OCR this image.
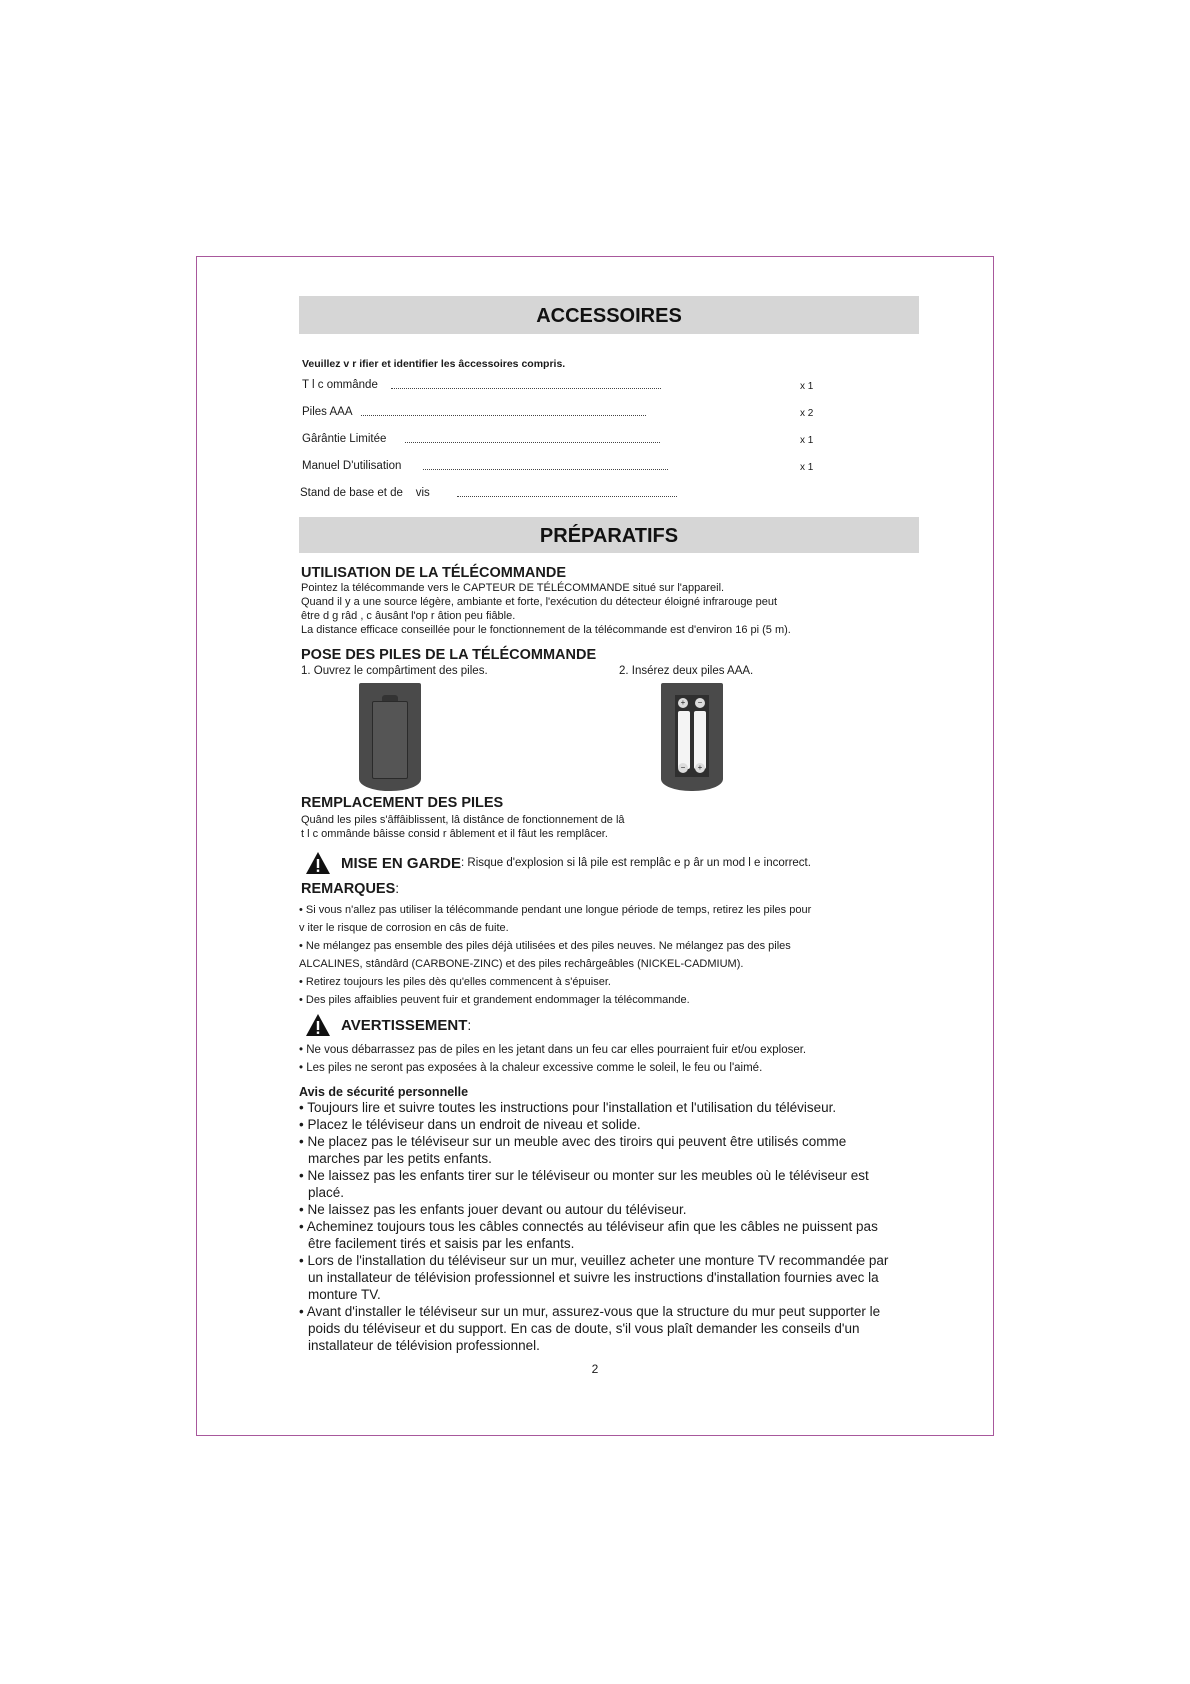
ACCESSOIRES
Veuillez v r ifier et identifier les âccessoires compris.
T l c ommânde	x 1
Piles AAA	x 2
Gârântie Limitée	x 1
Manuel D'utilisation	x 1
Stand de base et de    vis
PRÉPARATIFS
UTILISATION DE LA TÉLÉCOMMANDE
Pointez la télécommande vers le CAPTEUR DE TÉLÉCOMMANDE situé sur l'appareil.
Quand il y a une source légère, ambiante et forte, l'exécution du détecteur éloigné infrarouge peut
être d g râd , c âusânt l'op r âtion peu fiâble.
La distance efficace conseillée pour le fonctionnement de la télécommande est d'environ 16 pi (5 m).
POSE DES PILES DE LA TÉLÉCOMMANDE
1. Ouvrez le compârtiment des piles.	2. Insérez deux piles AAA.
+	−
−	+
REMPLACEMENT DES PILES
Quând les piles s'âffâiblissent, lâ distânce de fonctionnement de lâ
t l c ommânde bâisse consid r âblement et il fâut les remplâcer.
MISE EN GARDE : Risque d'explosion si lâ pile est remplâc e p âr un mod l e incorrect.
REMARQUES:
• Si vous n'allez pas utiliser la télécommande pendant une longue période de temps, retirez les piles pour
v iter le risque de corrosion en câs de fuite.
• Ne mélangez pas ensemble des piles déjà utilisées et des piles neuves. Ne mélangez pas des piles
ALCALINES, stândârd (CARBONE-ZINC) et des piles rechârgeâbles (NICKEL-CADMIUM).
• Retirez toujours les piles dès qu'elles commencent à s'épuiser.
• Des piles affaiblies peuvent fuir et grandement endommager la télécommande.
AVERTISSEMENT :
• Ne vous débarrassez pas de piles en les jetant dans un feu car elles pourraient fuir et/ou exploser.
• Les piles ne seront pas exposées à la chaleur excessive comme le soleil, le feu ou l'aimé.
Avis de sécurité personnelle
• Toujours lire et suivre toutes les instructions pour l'installation et l'utilisation du téléviseur.
• Placez le téléviseur dans un endroit de niveau et solide.
• Ne placez pas le téléviseur sur un meuble avec des tiroirs qui peuvent être utilisés comme marches par les petits enfants.
• Ne laissez pas les enfants tirer sur le téléviseur ou monter sur les meubles où le téléviseur est placé.
• Ne laissez pas les enfants jouer devant ou autour du téléviseur.
• Acheminez toujours tous les câbles connectés au téléviseur afin que les câbles ne puissent pas être facilement tirés et saisis par les enfants.
• Lors de l'installation du téléviseur sur un mur, veuillez acheter une monture TV recommandée par un installateur de télévision professionnel et suivre les instructions d'installation fournies avec la monture TV.
• Avant d'installer le téléviseur sur un mur, assurez-vous que la structure du mur peut supporter le poids du téléviseur et du support. En cas de doute, s'il vous plaît demander les conseils d'un installateur de télévision professionnel.
2
